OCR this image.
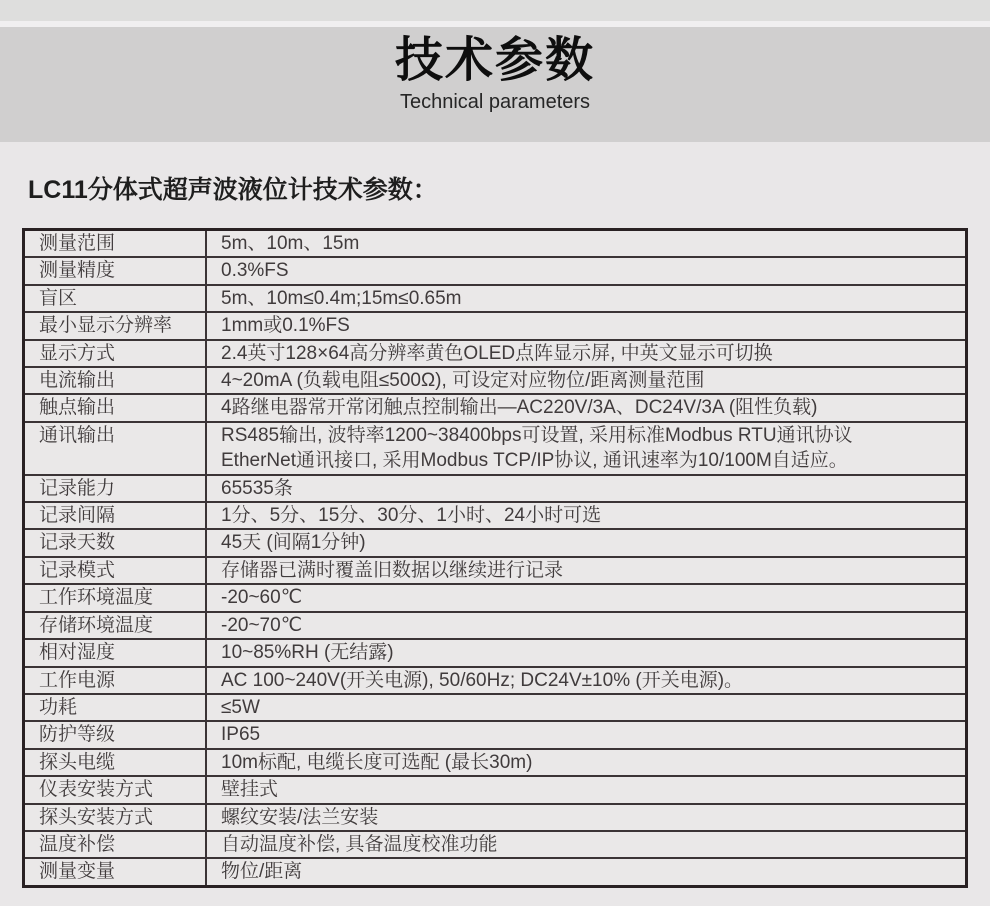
技术参数
Technical parameters
LC11分体式超声波液位计技术参数：
测量范围	5m、10m、15m
测量精度	0.3%FS
盲区	5m、10m≤0.4m;15m≤0.65m
最小显示分辨率	1mm或0.1%FS
显示方式	2.4英寸128×64高分辨率黄色OLED点阵显示屏, 中英文显示可切换
电流输出	4~20mA (负载电阻≤500Ω), 可设定对应物位/距离测量范围
触点输出	4路继电器常开常闭触点控制输出—AC220V/3A、DC24V/3A (阻性负载)
通讯输出	RS485输出, 波特率1200~38400bps可设置, 采用标准Modbus RTU通讯协议
EtherNet通讯接口, 采用Modbus TCP/IP协议, 通讯速率为10/100M自适应。
记录能力	65535条
记录间隔	1分、5分、15分、30分、1小时、24小时可选
记录天数	45天 (间隔1分钟)
记录模式	存储器已满时覆盖旧数据以继续进行记录
工作环境温度	-20~60℃
存储环境温度	-20~70℃
相对湿度	10~85%RH (无结露)
工作电源	AC 100~240V(开关电源), 50/60Hz; DC24V±10% (开关电源)。
功耗	≤5W
防护等级	IP65
探头电缆	10m标配, 电缆长度可选配 (最长30m)
仪表安装方式	壁挂式
探头安装方式	螺纹安装/法兰安装
温度补偿	自动温度补偿, 具备温度校准功能
测量变量	物位/距离
